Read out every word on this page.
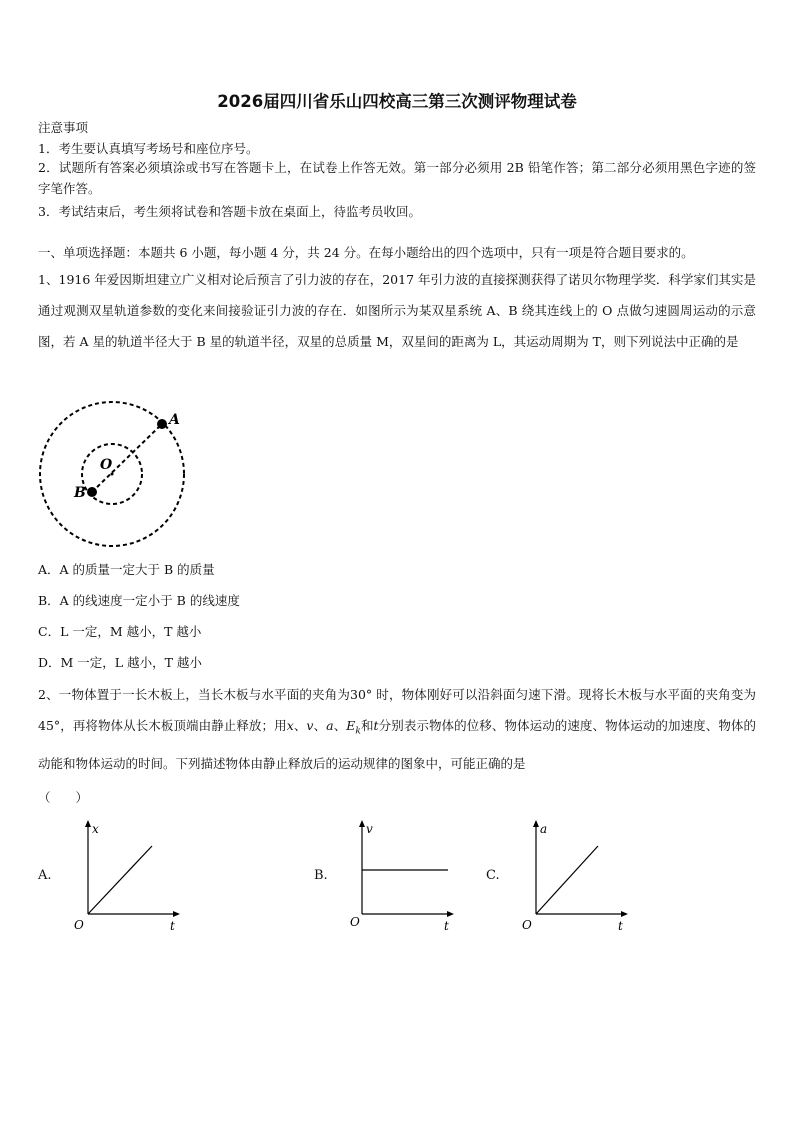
2026届四川省乐山四校高三第三次测评物理试卷
注意事项
1．考生要认真填写考场号和座位序号。
2．试题所有答案必须填涂或书写在答题卡上，在试卷上作答无效。第一部分必须用 2B 铅笔作答；第二部分必须用黑色字迹的签字笔作答。
3．考试结束后，考生须将试卷和答题卡放在桌面上，待监考员收回。
一、单项选择题：本题共 6 小题，每小题 4 分，共 24 分。在每小题给出的四个选项中，只有一项是符合题目要求的。
1、1916 年爱因斯坦建立广义相对论后预言了引力波的存在，2017 年引力波的直接探测获得了诺贝尔物理学奖．科学家们其实是通过观测双星轨道参数的变化来间接验证引力波的存在．如图所示为某双星系统 A、B 绕其连线上的 O 点做匀速圆周运动的示意图，若 A 星的轨道半径大于 B 星的轨道半径，双星的总质量 M，双星间的距离为 L，其运动周期为 T，则下列说法中正确的是
A
O
B
A．A 的质量一定大于 B 的质量
B．A 的线速度一定小于 B 的线速度
C．L 一定，M 越小，T 越小
D．M 一定，L 越小，T 越小
2、一物体置于一长木板上，当长木板与水平面的夹角为30° 时，物体刚好可以沿斜面匀速下滑。现将长木板与水平面的夹角变为45°，再将物体从长木板顶端由静止释放；用x、v、a、$E_k$和t分别表示物体的位移、物体运动的速度、物体运动的加速度、物体的动能和物体运动的时间。下列描述物体由静止释放后的运动规律的图象中，可能正确的是
（　　）
A.
x
t
O
B.
v
t
O
C.
a
t
O
